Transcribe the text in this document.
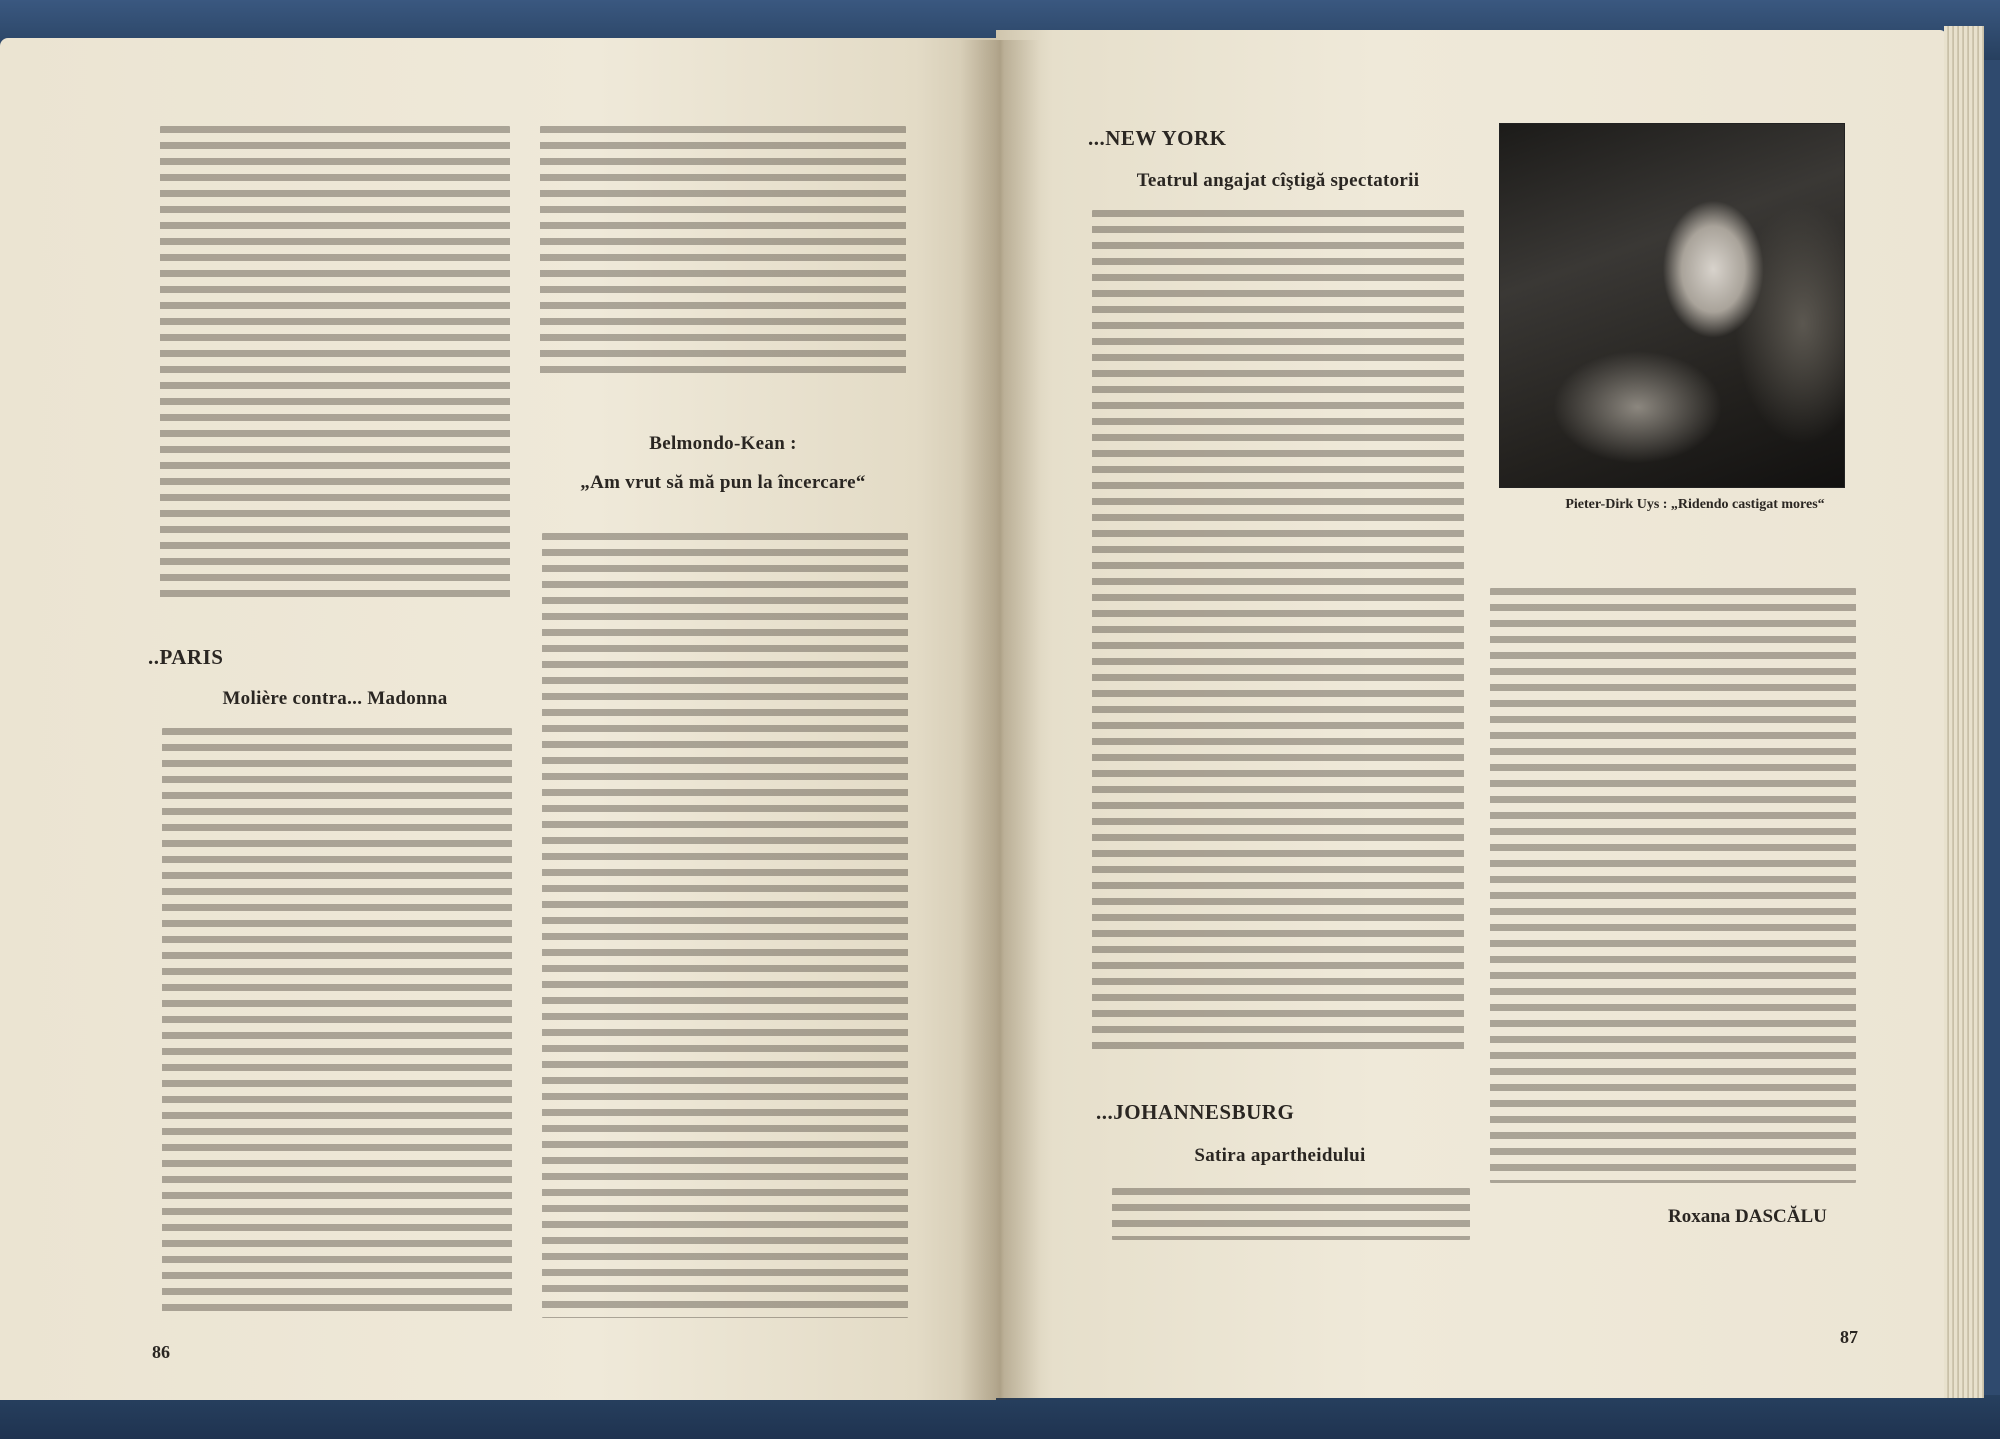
..PARIS

Molière contra... Madonna

86

Belmondo-Kean :

„Am vrut să mă pun la încercare“

...NEW YORK

Teatrul angajat cîştigă spectatorii

...JOHANNESBURG

Satira apartheidului

Pieter-Dirk Uys : „Ridendo castigat mores“
Roxana DASCĂLU
87
